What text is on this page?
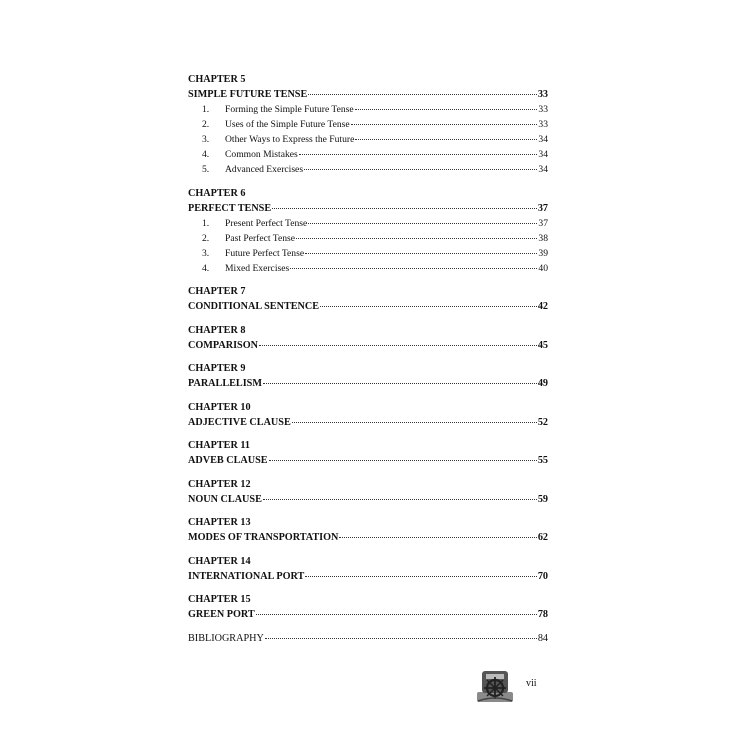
CHAPTER 5
SIMPLE FUTURE TENSE	33
1. Forming the Simple Future Tense	33
2. Uses of the Simple Future Tense	33
3. Other Ways to Express the Future	34
4. Common Mistakes	34
5. Advanced Exercises	34
CHAPTER 6
PERFECT TENSE	37
1. Present Perfect Tense	37
2. Past Perfect Tense	38
3. Future Perfect Tense	39
4. Mixed Exercises	40
CHAPTER 7
CONDITIONAL SENTENCE	42
CHAPTER 8
COMPARISON	45
CHAPTER 9
PARALLELISM	49
CHAPTER 10
ADJECTIVE CLAUSE	52
CHAPTER 11
ADVEB CLAUSE	55
CHAPTER 12
NOUN CLAUSE	59
CHAPTER 13
MODES OF TRANSPORTATION	62
CHAPTER 14
INTERNATIONAL PORT	70
CHAPTER 15
GREEN PORT	78
BIBLIOGRAPHY	84
vii
